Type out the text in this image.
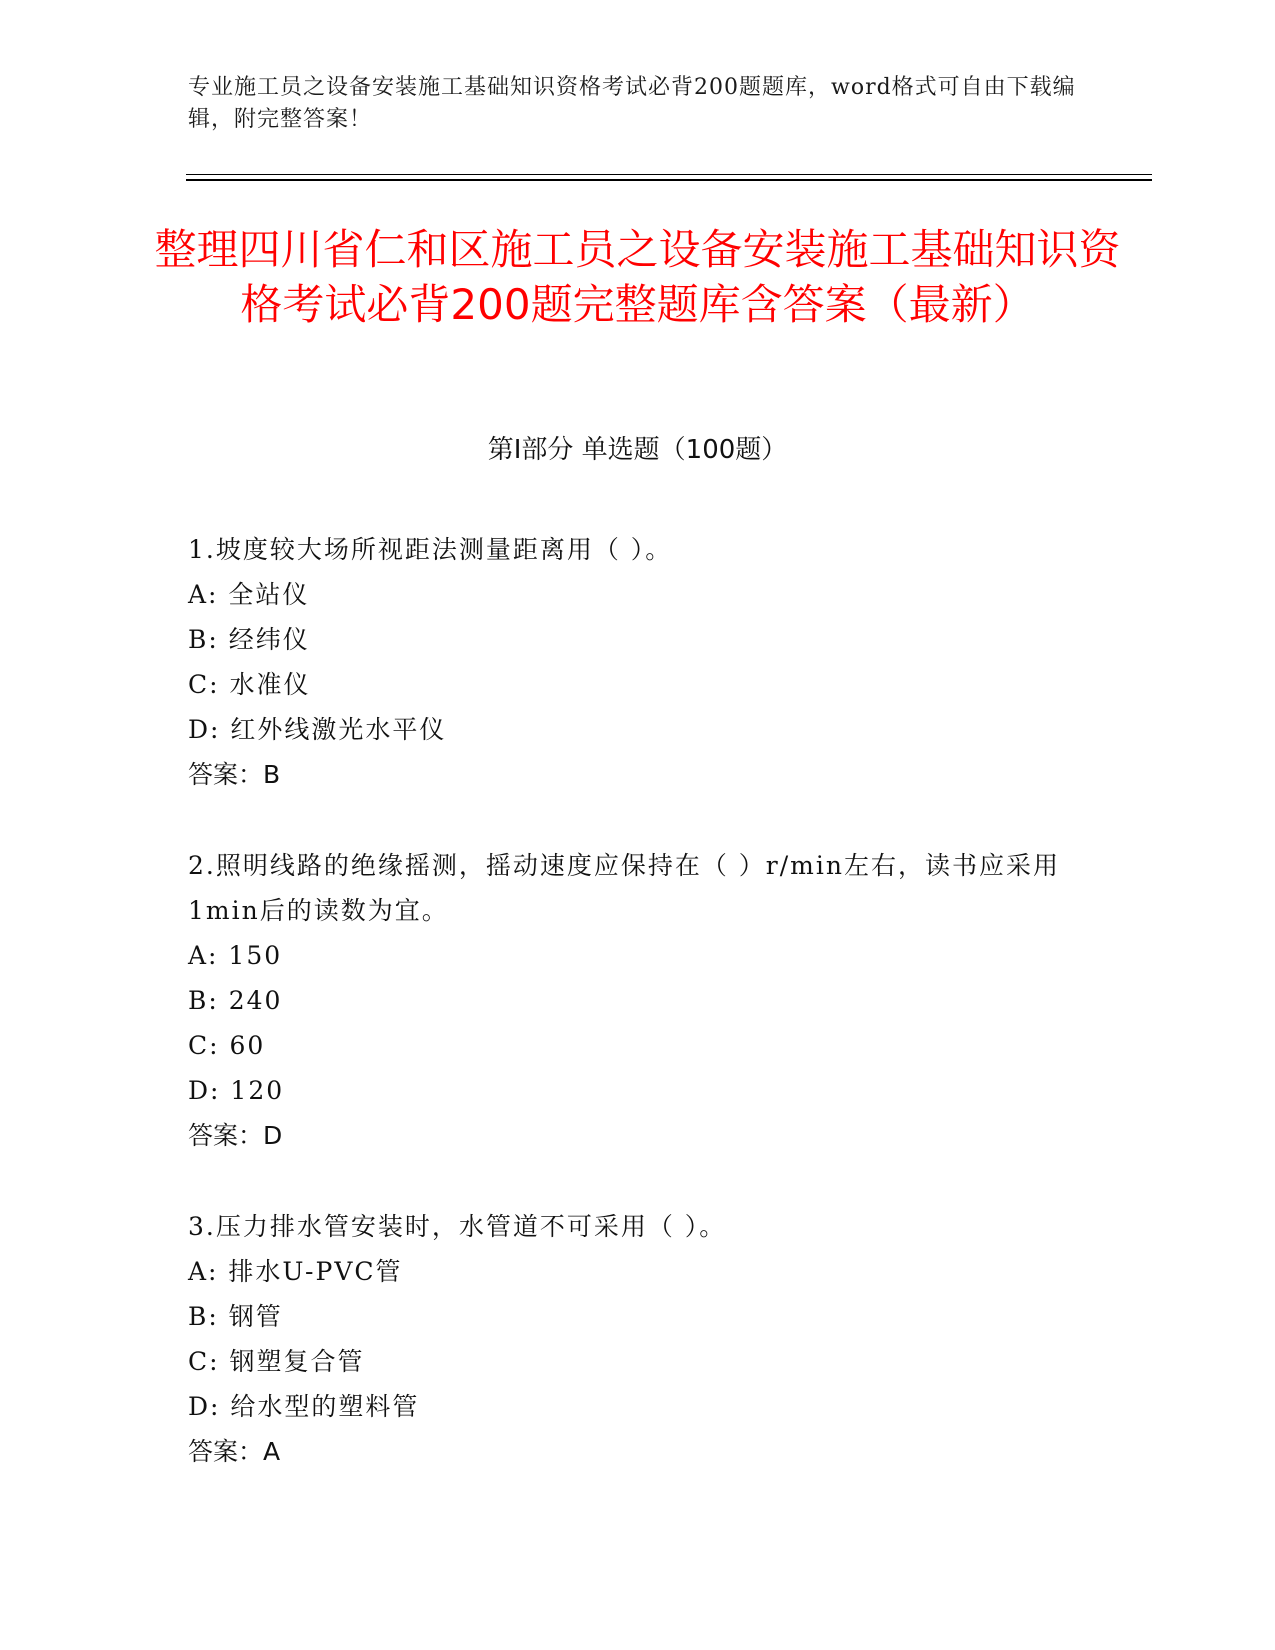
专业施工员之设备安装施工基础知识资格考试必背200题题库，word格式可自由下载编辑，附完整答案！
整理四川省仁和区施工员之设备安装施工基础知识资格考试必背200题完整题库含答案（最新）
第I部分 单选题（100题）
1.坡度较大场所视距法测量距离用（ ）。
A: 全站仪
B: 经纬仪
C: 水准仪
D: 红外线激光水平仪
答案：B
2.照明线路的绝缘摇测，摇动速度应保持在（ ）r/min左右，读书应采用1min后的读数为宜。
A: 150
B: 240
C: 60
D: 120
答案：D
3.压力排水管安装时，水管道不可采用（ ）。
A: 排水U-PVC管
B: 钢管
C: 钢塑复合管
D: 给水型的塑料管
答案：A
